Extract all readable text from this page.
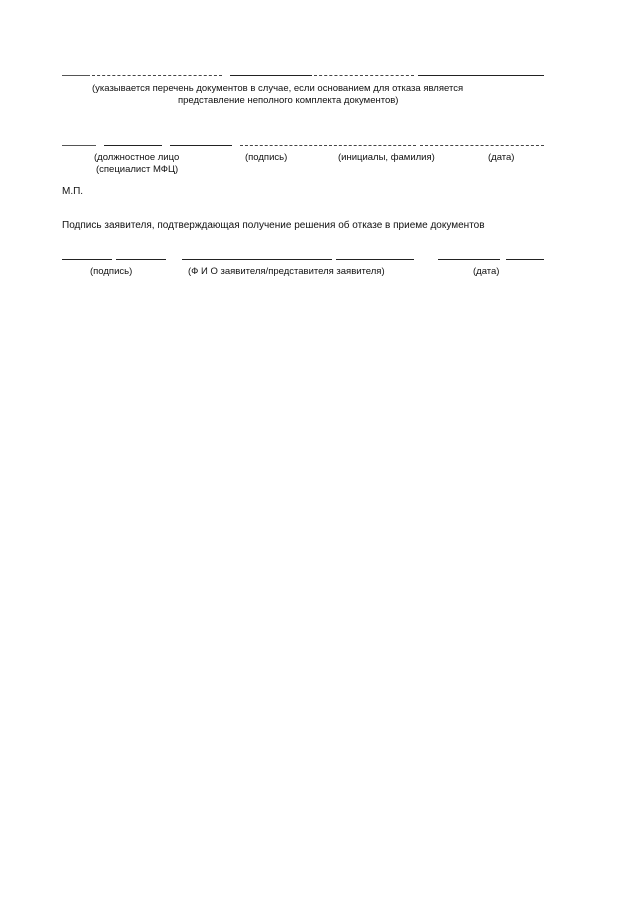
(указывается перечень документов в случае, если основанием для отказа является
представление неполного комплекта документов)
(должностное лицо
(специалист МФЦ)
(подпись)	(инициалы, фамилия)	(дата)
М.П.
Подпись заявителя, подтверждающая получение решения об отказе в приеме документов
(подпись)	(Ф И О заявителя/представителя заявителя)	(дата)
